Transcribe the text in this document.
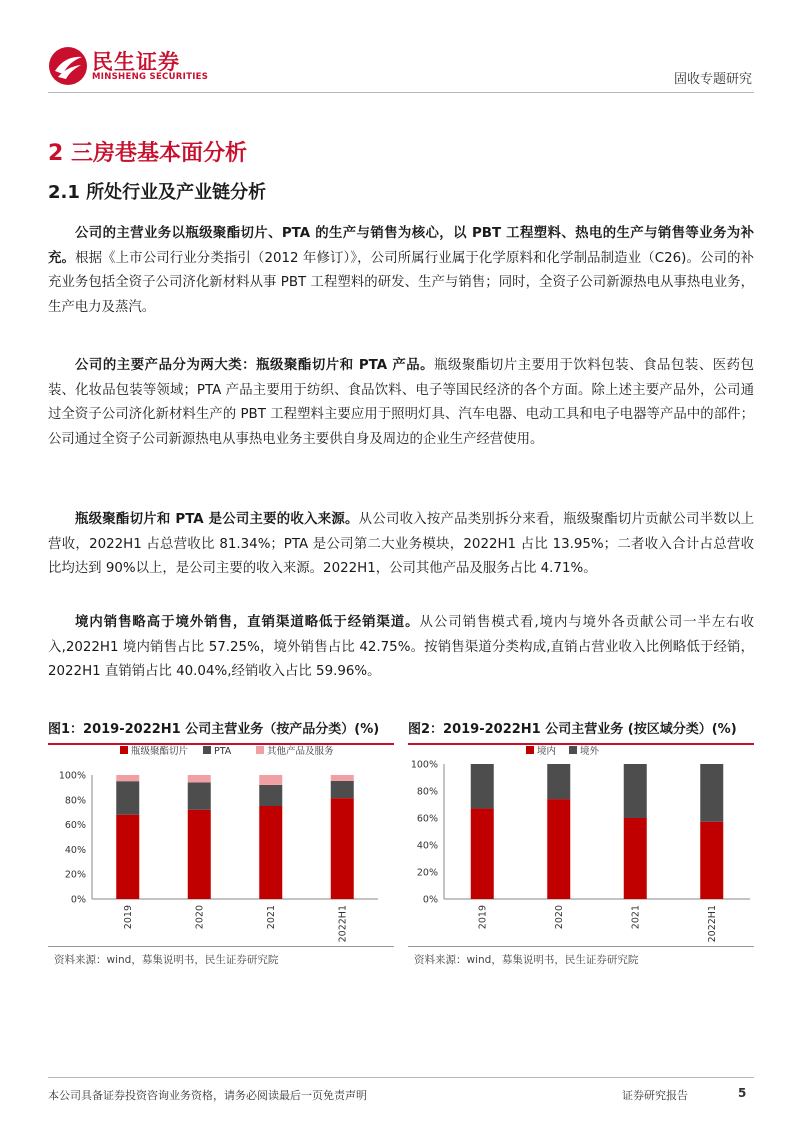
民生证券
MINSHENG SECURITIES	固收专题研究
2 三房巷基本面分析
2.1 所处行业及产业链分析
公司的主营业务以瓶级聚酯切片、PTA 的生产与销售为核心，以 PBT 工程塑料、热电的生产与销售等业务为补充。根据《上市公司行业分类指引（2012 年修订）》，公司所属行业属于化学原料和化学制品制造业（C26)。公司的补充业务包括全资子公司济化新材料从事 PBT 工程塑料的研发、生产与销售；同时，全资子公司新源热电从事热电业务，生产电力及蒸汽。
公司的主要产品分为两大类：瓶级聚酯切片和 PTA 产品。瓶级聚酯切片主要用于饮料包装、食品包装、医药包装、化妆品包装等领域；PTA 产品主要用于纺织、食品饮料、电子等国民经济的各个方面。除上述主要产品外，公司通过全资子公司济化新材料生产的 PBT 工程塑料主要应用于照明灯具、汽车电器、电动工具和电子电器等产品中的部件；公司通过全资子公司新源热电从事热电业务主要供自身及周边的企业生产经营使用。
瓶级聚酯切片和 PTA 是公司主要的收入来源。从公司收入按产品类别拆分来看，瓶级聚酯切片贡献公司半数以上营收，2022H1 占总营收比 81.34%；PTA 是公司第二大业务模块，2022H1 占比 13.95%；二者收入合计占总营收比均达到 90%以上，是公司主要的收入来源。2022H1，公司其他产品及服务占比 4.71%。
境内销售略高于境外销售，直销渠道略低于经销渠道。从公司销售模式看,境内与境外各贡献公司一半左右收入,2022H1 境内销售占比 57.25%，境外销售占比 42.75%。按销售渠道分类构成,直销占营业收入比例略低于经销，2022H1 直销销占比 40.04%,经销收入占比 59.96%。
图1：2019-2022H1 公司主营业务（按产品分类）(%)
瓶级聚酯切片	PTA	其他产品及服务
0%
20%
40%
60%
80%
100%
2019	2020	2021	2022H1
资料来源：wind，募集说明书，民生证券研究院
图2：2019-2022H1 公司主营业务 (按区域分类）(%)
境内	境外
0%
20%
40%
60%
80%
100%
2019	2020	2021	2022H1
资料来源：wind，募集说明书，民生证券研究院
本公司具备证券投资咨询业务资格，请务必阅读最后一页免责声明	证券研究报告	5
